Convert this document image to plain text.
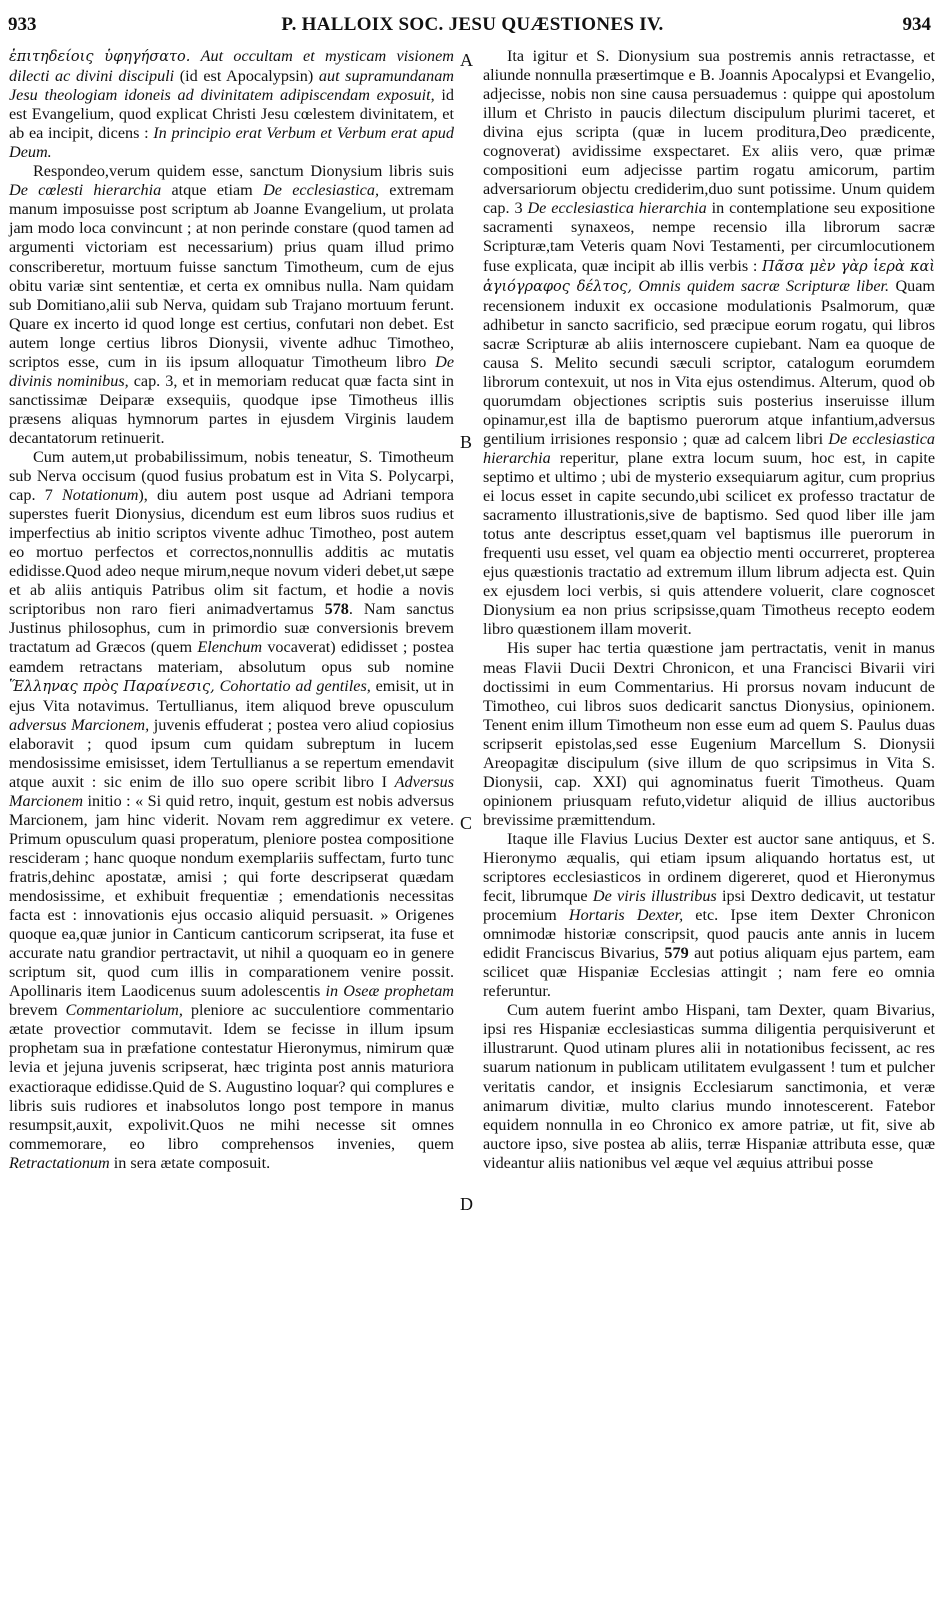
933	P. HALLOIX SOC. JESU QUÆSTIONES IV.	934
A
B
C
D

ἐπιτηδείοις ὑφηγήσατο. Aut occultam et mysticam visionem dilecti ac divini discipuli (id est Apocalypsin) aut supramundanam Jesu theologiam idoneis ad divinitatem adipiscendam exposuit, id est Evangelium, quod explicat Christi Jesu cœlestem divinitatem, et ab ea incipit, dicens : In principio erat Verbum et Verbum erat apud Deum.

Respondeo,verum quidem esse, sanctum Dionysium libris suis De cœlesti hierarchia atque etiam De ecclesiastica, extremam manum imposuisse post scriptum ab Joanne Evangelium, ut prolata jam modo loca convincunt ; at non perinde constare (quod tamen ad argumenti victoriam est necessarium) prius quam illud primo conscriberetur, mortuum fuisse sanctum Timotheum, cum de ejus obitu variæ sint sententiæ, et certa ex omnibus nulla. Nam quidam sub Domitiano,alii sub Nerva, quidam sub Trajano mortuum ferunt. Quare ex incerto id quod longe est certius, confutari non debet. Est autem longe certius libros Dionysii, vivente adhuc Timotheo, scriptos esse, cum in iis ipsum alloquatur Timotheum libro De divinis nominibus, cap. 3, et in memoriam reducat quæ facta sint in sanctissimæ Deiparæ exsequiis, quodque ipse Timotheus illis præsens aliquas hymnorum partes in ejusdem Virginis laudem decantatorum retinuerit.

Cum autem,ut probabilissimum, nobis teneatur, S. Timotheum sub Nerva occisum (quod fusius probatum est in Vita S. Polycarpi, cap. 7 Notationum), diu autem post usque ad Adriani tempora superstes fuerit Dionysius, dicendum est eum libros suos rudius et imperfectius ab initio scriptos vivente adhuc Timotheo, post autem eo mortuo perfectos et correctos,nonnullis additis ac mutatis edidisse.Quod adeo neque mirum,neque novum videri debet,ut sæpe et ab aliis antiquis Patribus olim sit factum, et hodie a novis scriptoribus non raro fieri animadvertamus 578. Nam sanctus Justinus philosophus, cum in primordio suæ conversionis brevem tractatum ad Græcos (quem Elenchum vocaverat) edidisset ; postea eamdem retractans materiam, absolutum opus sub nomine Ἕλληνας πρὸς Παραίνεσις, Cohortatio ad gentiles, emisit, ut in ejus Vita notavimus. Tertullianus, item aliquod breve opusculum adversus Marcionem, juvenis effuderat ; postea vero aliud copiosius elaboravit ; quod ipsum cum quidam subreptum in lucem mendosissime emisisset, idem Tertullianus a se repertum emendavit atque auxit : sic enim de illo suo opere scribit libro I Adversus Marcionem initio : « Si quid retro, inquit, gestum est nobis adversus Marcionem, jam hinc viderit. Novam rem aggredimur ex vetere. Primum opusculum quasi properatum, pleniore postea compositione rescideram ; hanc quoque nondum exemplariis suffectam, furto tunc fratris,dehinc apostatæ, amisi ; qui forte descripserat quædam mendosissime, et exhibuit frequentiæ ; emendationis necessitas facta est : innovationis ejus occasio aliquid persuasit. » Origenes quoque ea,quæ junior in Canticum canticorum scripserat, ita fuse et accurate natu grandior pertractavit, ut nihil a quoquam eo in genere scriptum sit, quod cum illis in comparationem venire possit. Apollinaris item Laodicenus suum adolescentis in Oseæ prophetam brevem Commentariolum, pleniore ac succulentiore commentario ætate provectior commutavit. Idem se fecisse in illum ipsum prophetam sua in præfatione contestatur Hieronymus, nimirum quæ levia et jejuna juvenis scripserat, hæc triginta post annis maturiora exactioraque edidisse.Quid de S. Augustino loquar? qui complures e libris suis rudiores et inabsolutos longo post tempore in manus resumpsit,auxit, expolivit.Quos ne mihi necesse sit omnes commemorare, eo libro comprehensos invenies, quem Retractationum in sera ætate composuit.

Ita igitur et S. Dionysium sua postremis annis retractasse, et aliunde nonnulla præsertimque e B. Joannis Apocalypsi et Evangelio, adjecisse, nobis non sine causa persuademus : quippe qui apostolum illum et Christo in paucis dilectum discipulum plurimi taceret, et divina ejus scripta (quæ in lucem proditura,Deo prædicente, cognoverat) avidissime exspectaret. Ex aliis vero, quæ primæ compositioni eum adjecisse partim rogatu amicorum, partim adversariorum objectu crediderim,duo sunt potissime. Unum quidem cap. 3 De ecclesiastica hierarchia in contemplatione seu expositione sacramenti synaxeos, nempe recensio illa librorum sacræ Scripturæ,tam Veteris quam Novi Testamenti, per circumlocutionem fuse explicata, quæ incipit ab illis verbis : Πᾶσα μὲν γὰρ ἱερὰ καὶ ἁγιόγραφος δέλτος, Omnis quidem sacræ Scripturæ liber. Quam recensionem induxit ex occasione modulationis Psalmorum, quæ adhibetur in sancto sacrificio, sed præcipue eorum rogatu, qui libros sacræ Scripturæ ab aliis internoscere cupiebant. Nam ea quoque de causa S. Melito secundi sæculi scriptor, catalogum eorumdem librorum contexuit, ut nos in Vita ejus ostendimus. Alterum, quod ob quorumdam objectiones scriptis suis posterius inseruisse illum opinamur,est illa de baptismo puerorum atque infantium,adversus gentilium irrisiones responsio ; quæ ad calcem libri De ecclesiastica hierarchia reperitur, plane extra locum suum, hoc est, in capite septimo et ultimo ; ubi de mysterio exsequiarum agitur, cum proprius ei locus esset in capite secundo,ubi scilicet ex professo tractatur de sacramento illustrationis,sive de baptismo. Sed quod liber ille jam totus ante descriptus esset,quam vel baptismus ille puerorum in frequenti usu esset, vel quam ea objectio menti occurreret, propterea ejus quæstionis tractatio ad extremum illum librum adjecta est. Quin ex ejusdem loci verbis, si quis attendere voluerit, clare cognoscet Dionysium ea non prius scripsisse,quam Timotheus recepto eodem libro quæstionem illam moverit.

His super hac tertia quæstione jam pertractatis, venit in manus meas Flavii Ducii Dextri Chronicon, et una Francisci Bivarii viri doctissimi in eum Commentarius. Hi prorsus novam inducunt de Timotheo, cui libros suos dedicarit sanctus Dionysius, opinionem. Tenent enim illum Timotheum non esse eum ad quem S. Paulus duas scripserit epistolas,sed esse Eugenium Marcellum S. Dionysii Areopagitæ discipulum (sive illum de quo scripsimus in Vita S. Dionysii, cap. XXI) qui agnominatus fuerit Timotheus. Quam opinionem priusquam refuto,videtur aliquid de illius auctoribus brevissime præmittendum.

Itaque ille Flavius Lucius Dexter est auctor sane antiquus, et S. Hieronymo æqualis, qui etiam ipsum aliquando hortatus est, ut scriptores ecclesiasticos in ordinem digereret, quod et Hieronymus fecit, librumque De viris illustribus ipsi Dextro dedicavit, ut testatur procemium Hortaris Dexter, etc. Ipse item Dexter Chronicon omnimodæ historiæ conscripsit, quod paucis ante annis in lucem edidit Franciscus Bivarius, 579 aut potius aliquam ejus partem, eam scilicet quæ Hispaniæ Ecclesias attingit ; nam fere eo omnia referuntur.

Cum autem fuerint ambo Hispani, tam Dexter, quam Bivarius, ipsi res Hispaniæ ecclesiasticas summa diligentia perquisiverunt et illustrarunt. Quod utinam plures alii in notationibus fecissent, ac res suarum nationum in publicam utilitatem evulgassent ! tum et pulcher veritatis candor, et insignis Ecclesiarum sanctimonia, et veræ animarum divitiæ, multo clarius mundo innotescerent. Fatebor equidem nonnulla in eo Chronico ex amore patriæ, ut fit, sive ab auctore ipso, sive postea ab aliis, terræ Hispaniæ attributa esse, quæ videantur aliis nationibus vel æque vel æquius attribui posse
